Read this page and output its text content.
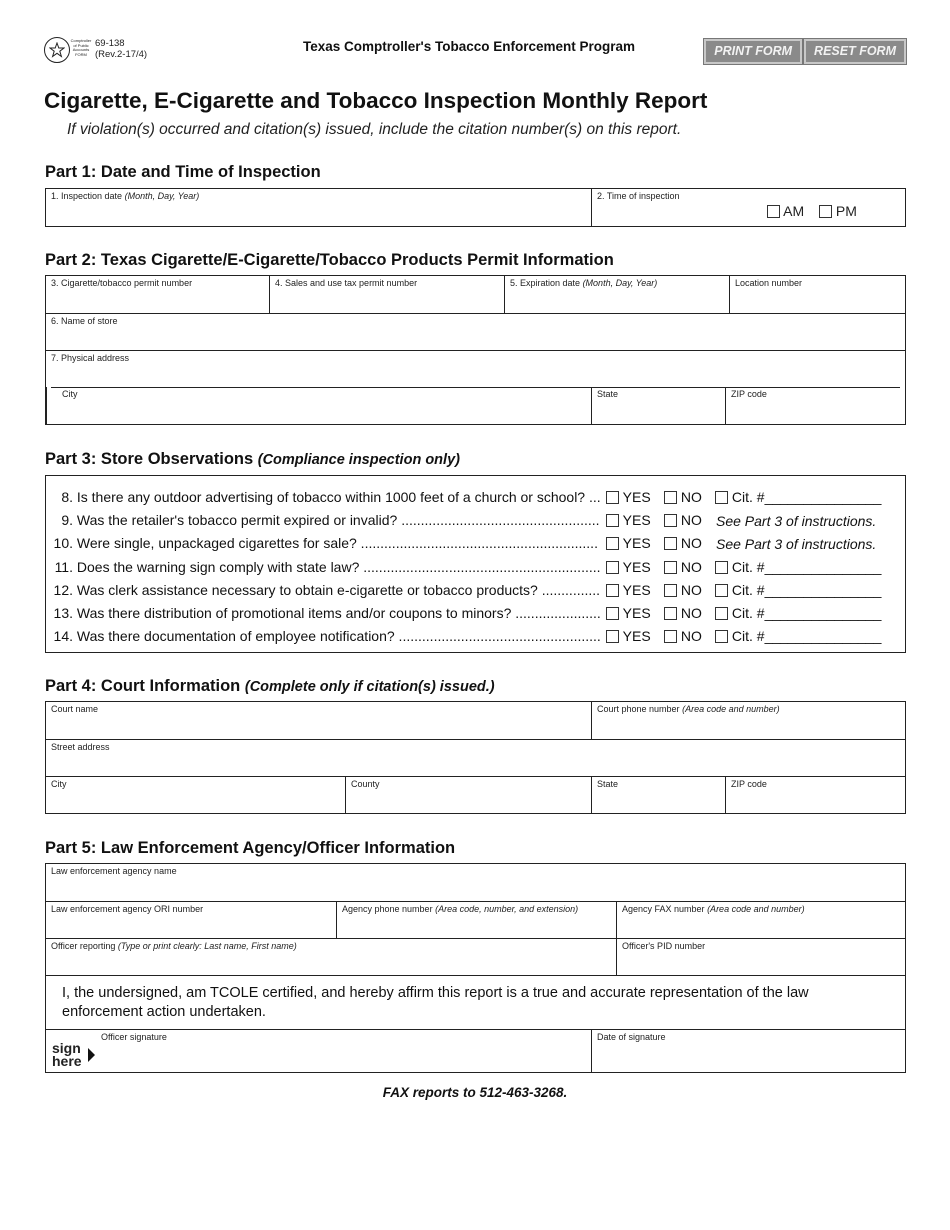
Comptroller
of Public
Accounts
FORM
69-138
(Rev.2-17/4)
Texas Comptroller's Tobacco Enforcement Program	PRINT FORM	RESET FORM
Cigarette, E-Cigarette and Tobacco Inspection Monthly Report
If violation(s) occurred and citation(s) issued, include the citation number(s) on this report.
Part 1: Date and Time of Inspection
1. Inspection date (Month, Day, Year)	2. Time of inspection
AM PM
Part 2: Texas Cigarette/E-Cigarette/Tobacco Products Permit Information
3. Cigarette/tobacco permit number	4. Sales and use tax permit number	5. Expiration date (Month, Day, Year)	Location number
6. Name of store
7. Physical address
City	State	ZIP code
Part 3: Store Observations (Compliance inspection only)
8. Is there any outdoor advertising of tobacco within 1000 feet of a church or school? ...	YES	NO	Cit. #_______________
9. Was the retailer's tobacco permit expired or invalid? ...................................................	YES	NO See Part 3 of instructions.
10. Were single, unpackaged cigarettes for sale? .............................................................	YES	NO See Part 3 of instructions.
11. Does the warning sign comply with state law? .............................................................	YES	NO	Cit. #_______________
12. Was clerk assistance necessary to obtain e-cigarette or tobacco products? ...............	YES	NO	Cit. #_______________
13. Was there distribution of promotional items and/or coupons to minors? ......................	YES	NO	Cit. #_______________
14. Was there documentation of employee notification? ....................................................	YES	NO	Cit. #_______________
Part 4: Court Information (Complete only if citation(s) issued.)
Court name	Court phone number (Area code and number)
Street address
City	County	State	ZIP code
Part 5: Law Enforcement Agency/Officer Information
Law enforcement agency name
Law enforcement agency ORI number	Agency phone number (Area code, number, and extension)	Agency FAX number (Area code and number)
Officer reporting (Type or print clearly: Last name, First name)	Officer's PID number
I, the undersigned, am TCOLE certified, and hereby affirm this report is a true and accurate representation of the law enforcement action undertaken.
Officer signature
sign
here
Date of signature
FAX reports to 512-463-3268.
